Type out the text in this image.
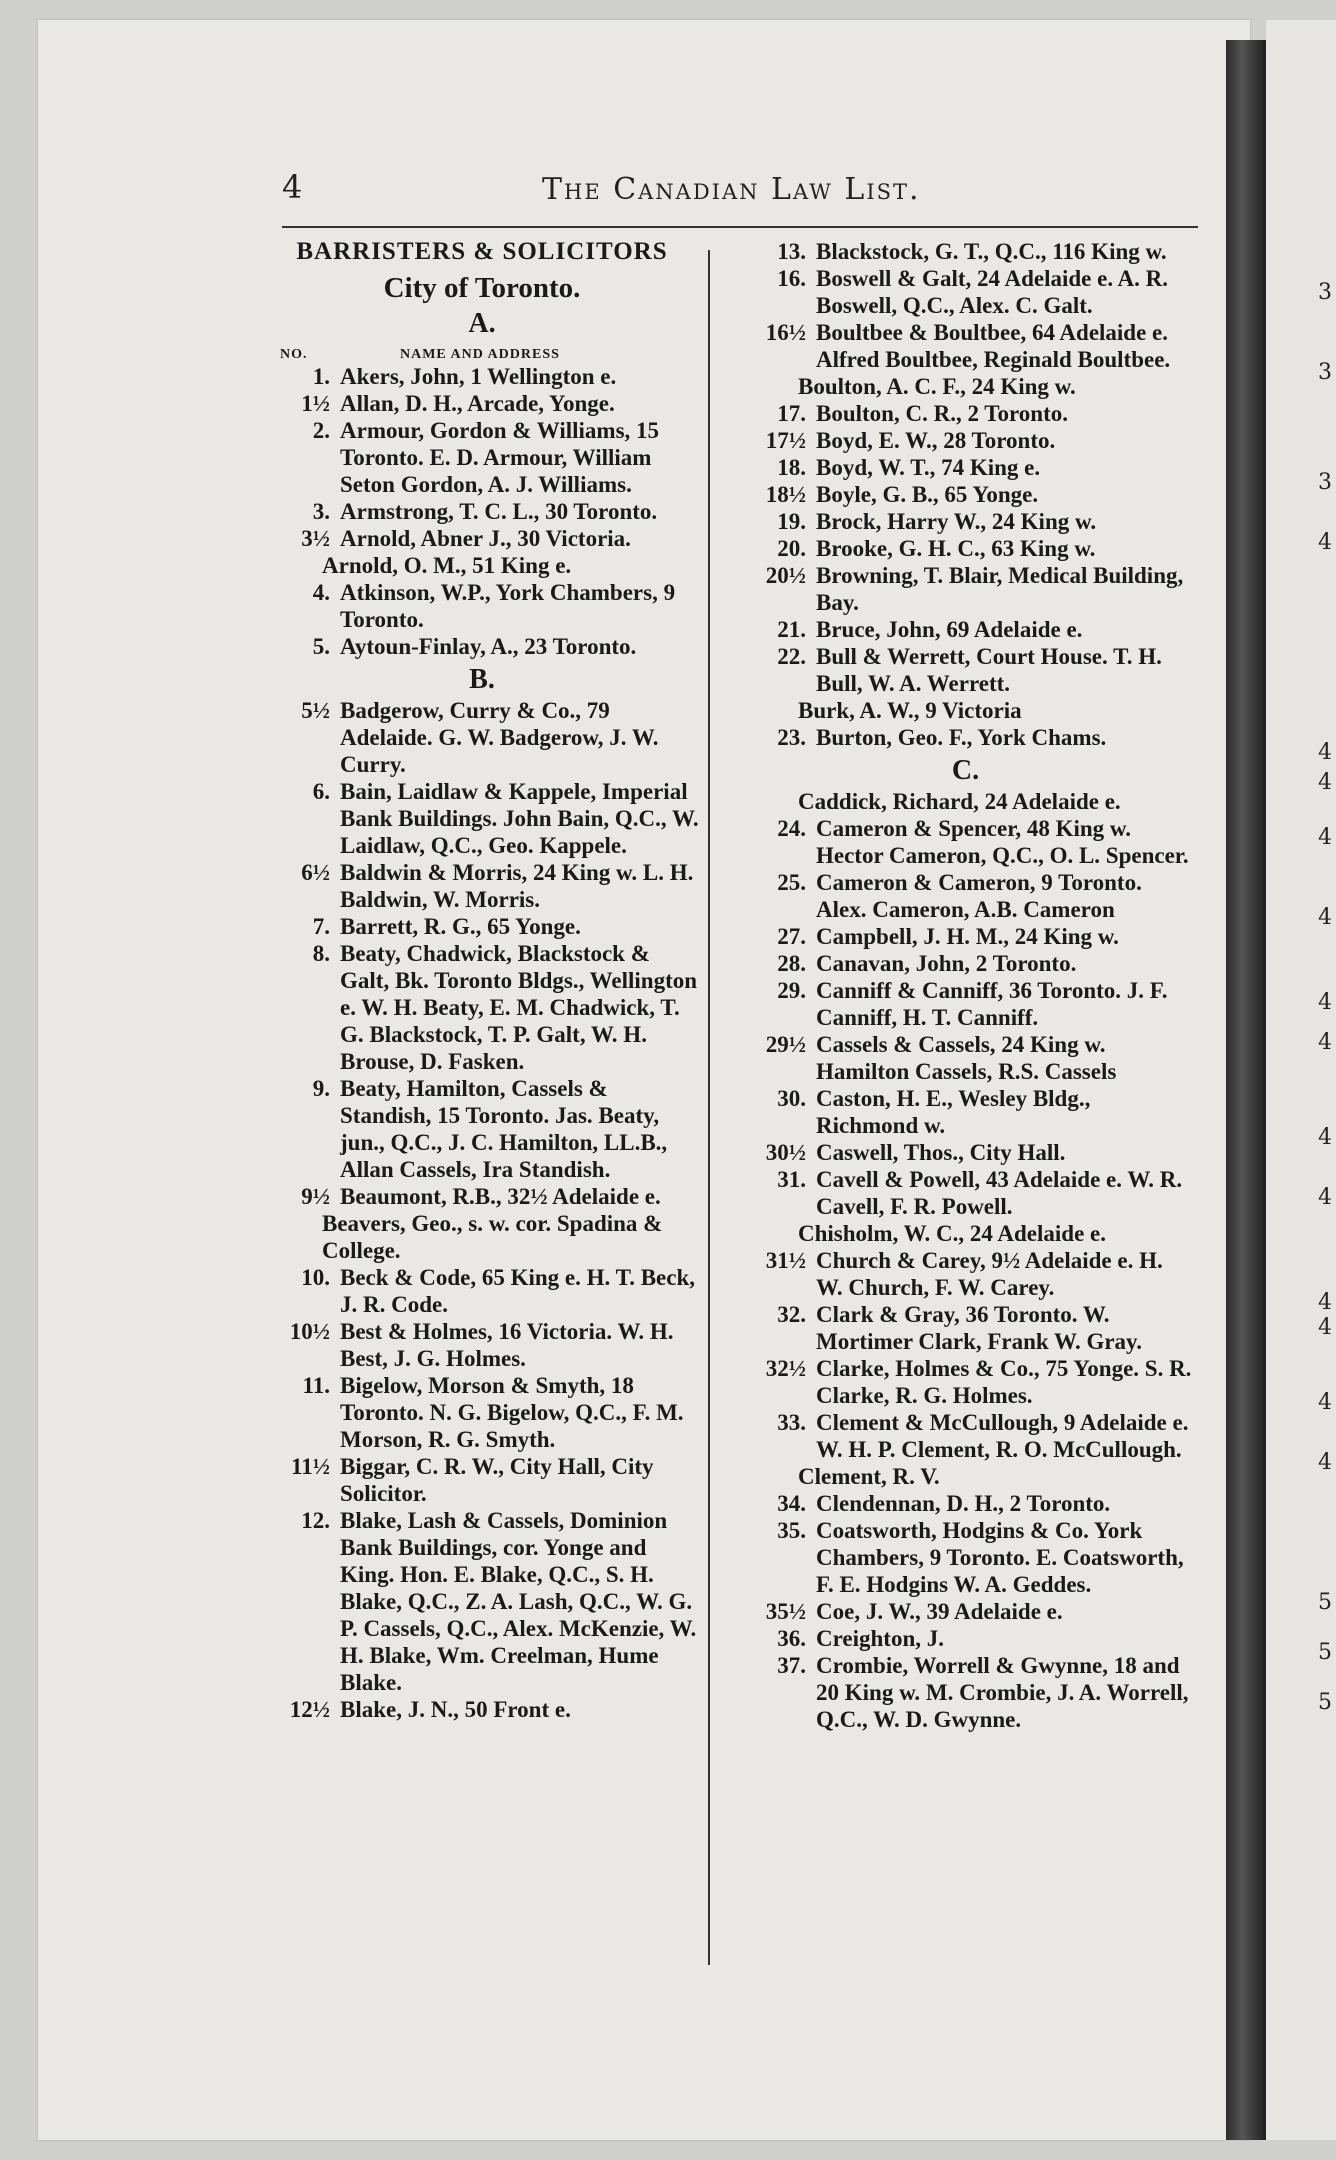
3
3
3
4
4
4
4
4
4
4
4
4
4
4
4
4
5
5
5
4	The Canadian Law List.
BARRISTERS & SOLICITORS
City of Toronto.
A.
NO.	NAME AND ADDRESS
1. Akers, John, 1 Wellington e.
1½ Allan, D. H., Arcade, Yonge.
2. Armour, Gordon & Williams, 15 Toronto. E. D. Armour, William Seton Gordon, A. J. Williams.
3. Armstrong, T. C. L., 30 Toronto.
3½ Arnold, Abner J., 30 Victoria.
Arnold, O. M., 51 King e.
4. Atkinson, W.P., York Chambers, 9 Toronto.
5. Aytoun-Finlay, A., 23 Toronto.
B.
5½ Badgerow, Curry & Co., 79 Adelaide. G. W. Badgerow, J. W. Curry.
6. Bain, Laidlaw & Kappele, Imperial Bank Buildings. John Bain, Q.C., W. Laidlaw, Q.C., Geo. Kappele.
6½ Baldwin & Morris, 24 King w. L. H. Baldwin, W. Morris.
7. Barrett, R. G., 65 Yonge.
8. Beaty, Chadwick, Blackstock & Galt, Bk. Toronto Bldgs., Wellington e. W. H. Beaty, E. M. Chadwick, T. G. Blackstock, T. P. Galt, W. H. Brouse, D. Fasken.
9. Beaty, Hamilton, Cassels & Standish, 15 Toronto. Jas. Beaty, jun., Q.C., J. C. Hamilton, LL.B., Allan Cassels, Ira Standish.
9½ Beaumont, R.B., 32½ Adelaide e.
Beavers, Geo., s. w. cor. Spadina & College.
10. Beck & Code, 65 King e. H. T. Beck, J. R. Code.
10½ Best & Holmes, 16 Victoria. W. H. Best, J. G. Holmes.
11. Bigelow, Morson & Smyth, 18 Toronto. N. G. Bigelow, Q.C., F. M. Morson, R. G. Smyth.
11½ Biggar, C. R. W., City Hall, City Solicitor.
12. Blake, Lash & Cassels, Dominion Bank Buildings, cor. Yonge and King. Hon. E. Blake, Q.C., S. H. Blake, Q.C., Z. A. Lash, Q.C., W. G. P. Cassels, Q.C., Alex. McKenzie, W. H. Blake, Wm. Creelman, Hume Blake.
12½ Blake, J. N., 50 Front e.
13. Blackstock, G. T., Q.C., 116 King w.
16. Boswell & Galt, 24 Adelaide e. A. R. Boswell, Q.C., Alex. C. Galt.
16½ Boultbee & Boultbee, 64 Adelaide e. Alfred Boultbee, Reginald Boultbee.
Boulton, A. C. F., 24 King w.
17. Boulton, C. R., 2 Toronto.
17½ Boyd, E. W., 28 Toronto.
18. Boyd, W. T., 74 King e.
18½ Boyle, G. B., 65 Yonge.
19. Brock, Harry W., 24 King w.
20. Brooke, G. H. C., 63 King w.
20½ Browning, T. Blair, Medical Building, Bay.
21. Bruce, John, 69 Adelaide e.
22. Bull & Werrett, Court House. T. H. Bull, W. A. Werrett.
Burk, A. W., 9 Victoria
23. Burton, Geo. F., York Chams.
C.
Caddick, Richard, 24 Adelaide e.
24. Cameron & Spencer, 48 King w. Hector Cameron, Q.C., O. L. Spencer.
25. Cameron & Cameron, 9 Toronto. Alex. Cameron, A.B. Cameron
27. Campbell, J. H. M., 24 King w.
28. Canavan, John, 2 Toronto.
29. Canniff & Canniff, 36 Toronto. J. F. Canniff, H. T. Canniff.
29½ Cassels & Cassels, 24 King w. Hamilton Cassels, R.S. Cassels
30. Caston, H. E., Wesley Bldg., Richmond w.
30½ Caswell, Thos., City Hall.
31. Cavell & Powell, 43 Adelaide e. W. R. Cavell, F. R. Powell.
Chisholm, W. C., 24 Adelaide e.
31½ Church & Carey, 9½ Adelaide e. H. W. Church, F. W. Carey.
32. Clark & Gray, 36 Toronto. W. Mortimer Clark, Frank W. Gray.
32½ Clarke, Holmes & Co., 75 Yonge. S. R. Clarke, R. G. Holmes.
33. Clement & McCullough, 9 Adelaide e. W. H. P. Clement, R. O. McCullough.
Clement, R. V.
34. Clendennan, D. H., 2 Toronto.
35. Coatsworth, Hodgins & Co. York Chambers, 9 Toronto. E. Coatsworth, F. E. Hodgins W. A. Geddes.
35½ Coe, J. W., 39 Adelaide e.
36. Creighton, J.
37. Crombie, Worrell & Gwynne, 18 and 20 King w. M. Crombie, J. A. Worrell, Q.C., W. D. Gwynne.
